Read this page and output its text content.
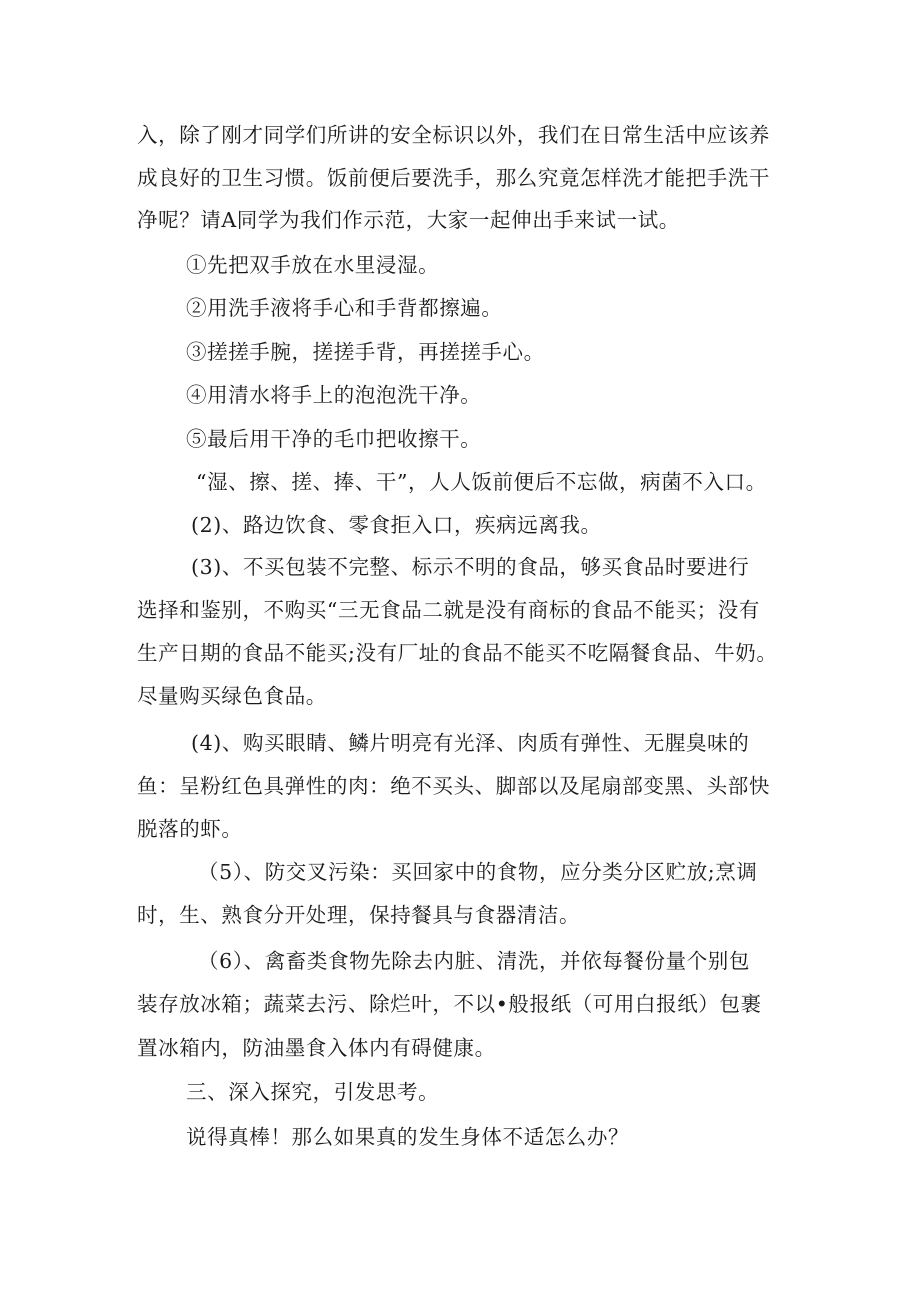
入，除了刚才同学们所讲的安全标识以外，我们在日常生活中应该养
成良好的卫生习惯。饭前便后要洗手，那么究竟怎样洗才能把手洗干
净呢？请A同学为我们作示范，大家一起伸出手来试一试。
①先把双手放在水里浸湿。
②用洗手液将手心和手背都擦遍。
③搓搓手腕，搓搓手背，再搓搓手心。
④用清水将手上的泡泡洗干净。
⑤最后用干净的毛巾把收擦干。
“湿、擦、搓、捧、干”，人人饭前便后不忘做，病菌不入口。
(2)、路边饮食、零食拒入口，疾病远离我。
(3)、不买包装不完整、标示不明的食品，够买食品时要进行
选择和鉴别，不购买“三无食品二就是没有商标的食品不能买；没有
生产日期的食品不能买;没有厂址的食品不能买不吃隔餐食品、牛奶。
尽量购买绿色食品。
(4)、购买眼睛、鳞片明亮有光泽、肉质有弹性、无腥臭味的
鱼：呈粉红色具弹性的肉：绝不买头、脚部以及尾扇部变黑、头部快
脱落的虾。
（5）、防交叉污染：买回家中的食物，应分类分区贮放;烹调
时，生、熟食分开处理，保持餐具与食器清洁。
（6）、禽畜类食物先除去内脏、清洗，并依每餐份量个别包
装存放冰箱；蔬菜去污、除烂叶，不以•般报纸（可用白报纸）包裹
置冰箱内，防油墨食入体内有碍健康。
三、深入探究，引发思考。
说得真棒！那么如果真的发生身体不适怎么办？
